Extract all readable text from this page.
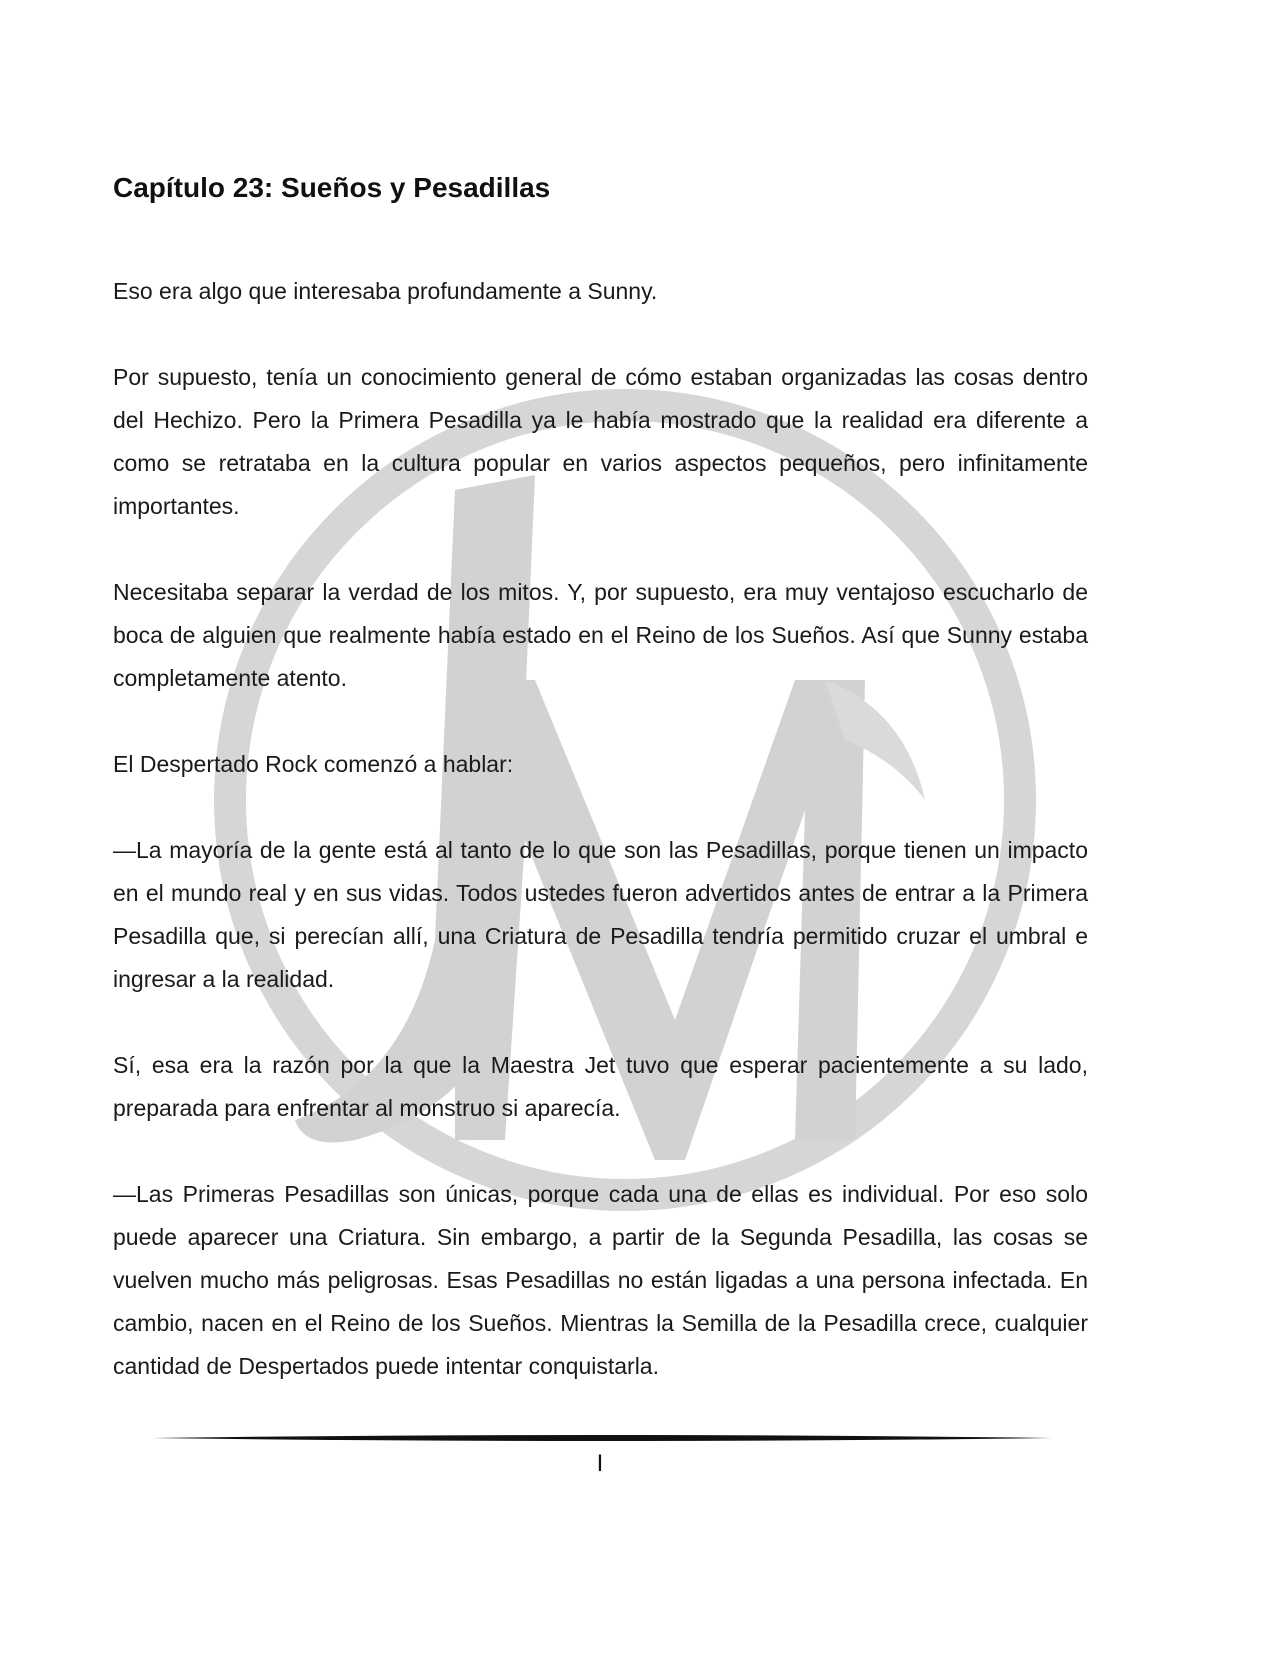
Capítulo 23: Sueños y Pesadillas

Eso era algo que interesaba profundamente a Sunny.

Por supuesto, tenía un conocimiento general de cómo estaban organizadas las cosas dentro del Hechizo. Pero la Primera Pesadilla ya le había mostrado que la realidad era diferente a como se retrataba en la cultura popular en varios aspectos pequeños, pero infinitamente importantes.

Necesitaba separar la verdad de los mitos. Y, por supuesto, era muy ventajoso escucharlo de boca de alguien que realmente había estado en el Reino de los Sueños. Así que Sunny estaba completamente atento.

El Despertado Rock comenzó a hablar:

—La mayoría de la gente está al tanto de lo que son las Pesadillas, porque tienen un impacto en el mundo real y en sus vidas. Todos ustedes fueron advertidos antes de entrar a la Primera Pesadilla que, si perecían allí, una Criatura de Pesadilla tendría permitido cruzar el umbral e ingresar a la realidad.

Sí, esa era la razón por la que la Maestra Jet tuvo que esperar pacientemente a su lado, preparada para enfrentar al monstruo si aparecía.

—Las Primeras Pesadillas son únicas, porque cada una de ellas es individual. Por eso solo puede aparecer una Criatura. Sin embargo, a partir de la Segunda Pesadilla, las cosas se vuelven mucho más peligrosas. Esas Pesadillas no están ligadas a una persona infectada. En cambio, nacen en el Reino de los Sueños. Mientras la Semilla de la Pesadilla crece, cualquier cantidad de Despertados puede intentar conquistarla.

I
